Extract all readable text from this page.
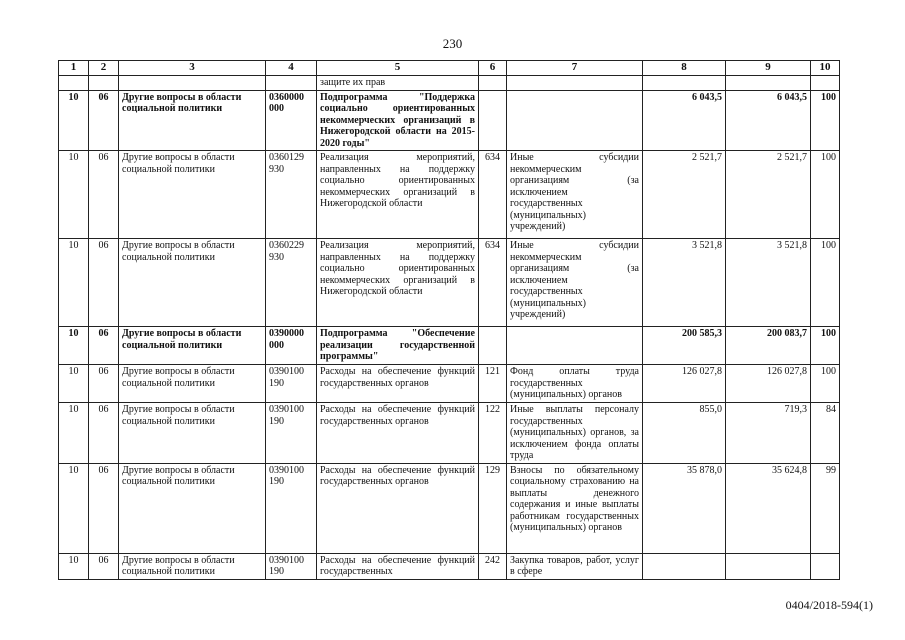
230
1	2	3	4	5	6	7	8	9	10
				защите их прав					
10	06	Другие вопросы в области социальной политики	0360000 000	Подпрограмма "Поддержка социально ориентированных некоммерческих организаций в Нижегородской области на 2015-2020 годы"			6 043,5	6 043,5	100
10	06	Другие вопросы в области социальной политики	0360129 930	Реализация мероприятий, направленных на поддержку социально ориентированных некоммерческих организаций в Нижегородской области	634	Иные субсидии некоммерческим организациям (за исключением государственных (муниципальных) учреждений)	2 521,7	2 521,7	100
10	06	Другие вопросы в области социальной политики	0360229 930	Реализация мероприятий, направленных на поддержку социально ориентированных некоммерческих организаций в Нижегородской области	634	Иные субсидии некоммерческим организациям (за исключением государственных (муниципальных) учреждений)	3 521,8	3 521,8	100
10	06	Другие вопросы в области социальной политики	0390000 000	Подпрограмма "Обеспечение реализации государственной программы"			200 585,3	200 083,7	100
10	06	Другие вопросы в области социальной политики	0390100 190	Расходы на обеспечение функций государственных органов	121	Фонд оплаты труда государственных (муниципальных) органов	126 027,8	126 027,8	100
10	06	Другие вопросы в области социальной политики	0390100 190	Расходы на обеспечение функций государственных органов	122	Иные выплаты персоналу государственных (муниципальных) органов, за исключением фонда оплаты труда	855,0	719,3	84
10	06	Другие вопросы в области социальной политики	0390100 190	Расходы на обеспечение функций государственных органов	129	Взносы по обязательному социальному страхованию на выплаты денежного содержания и иные выплаты работникам государственных (муниципальных) органов	35 878,0	35 624,8	99
10	06	Другие вопросы в области социальной политики	0390100 190	Расходы на обеспечение функций государственных	242	Закупка товаров, работ, услуг в сфере			
0404/2018-594(1)
